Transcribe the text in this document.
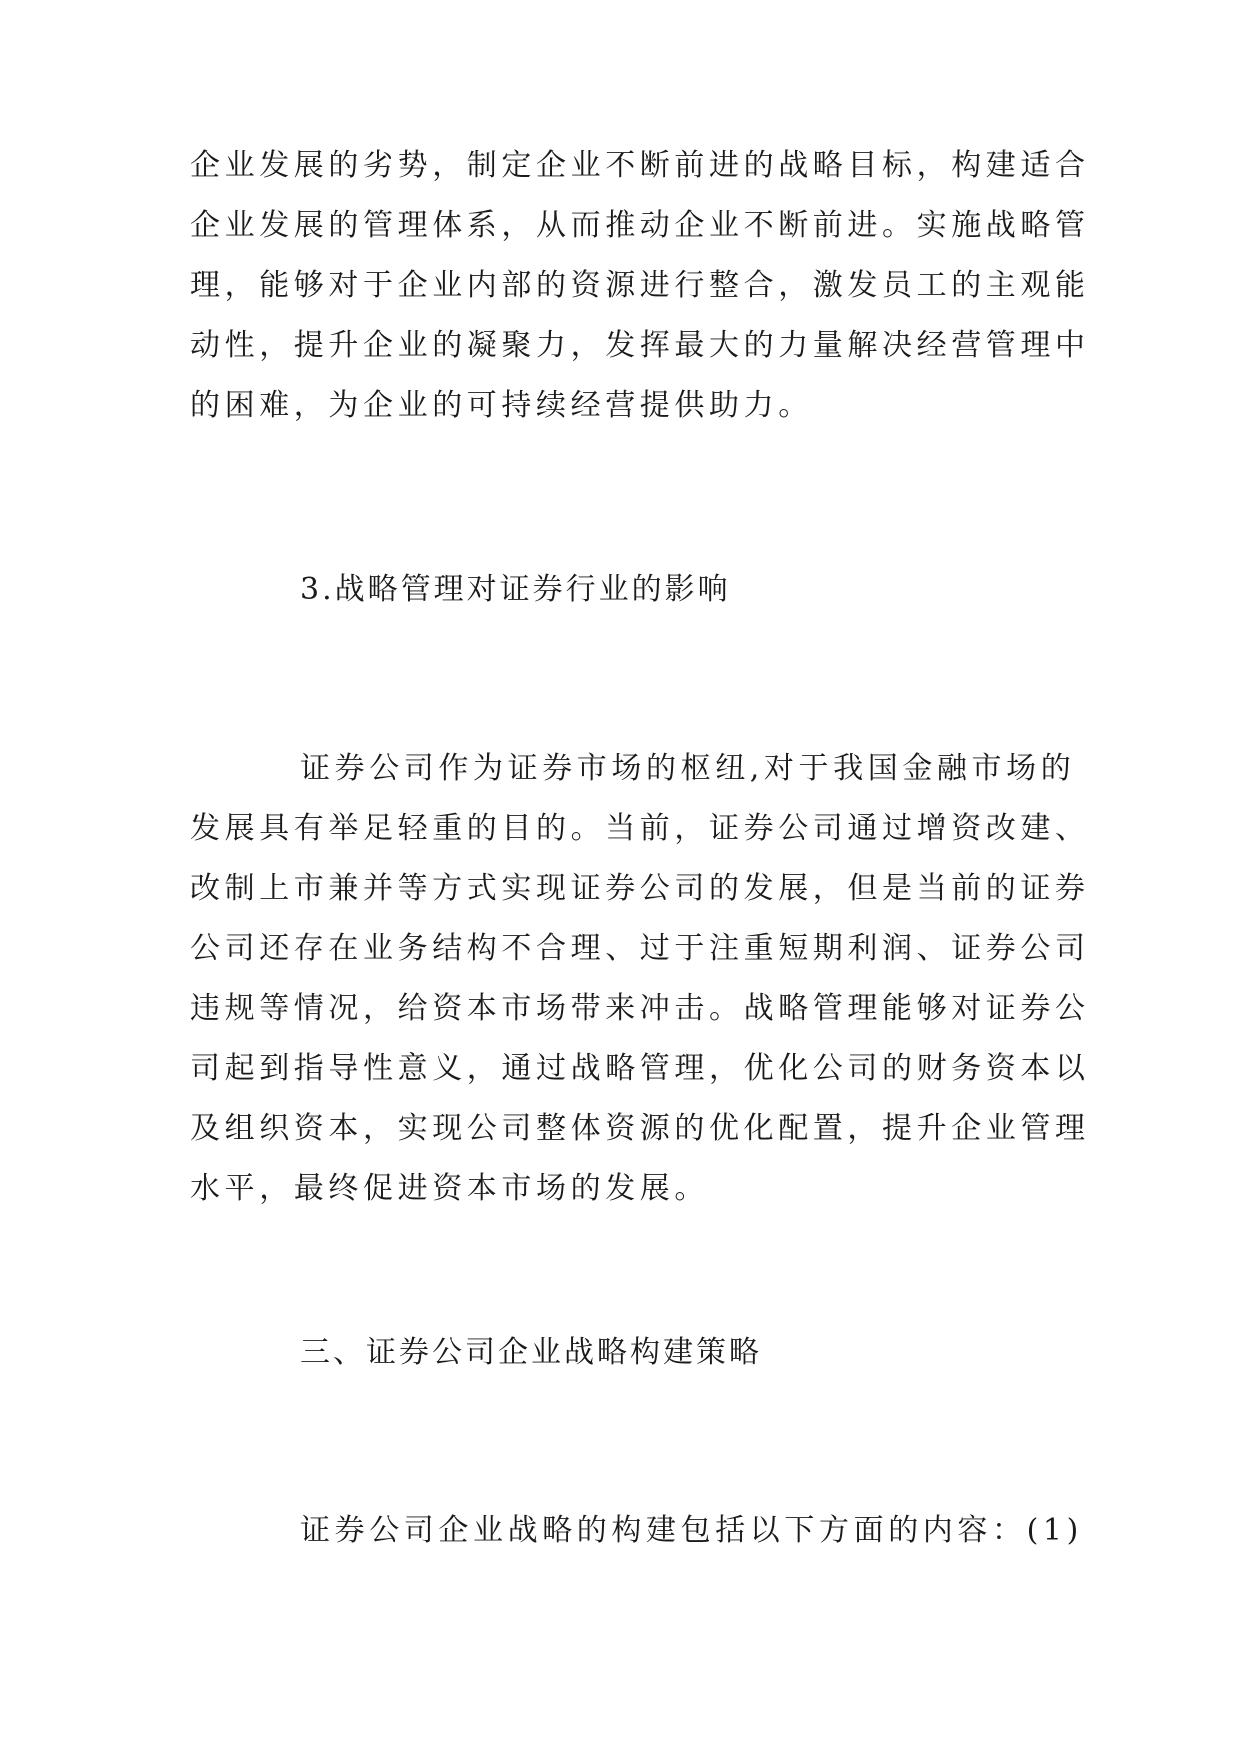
企业发展的劣势，制定企业不断前进的战略目标，构建适合
企业发展的管理体系，从而推动企业不断前进。实施战略管
理，能够对于企业内部的资源进行整合，激发员工的主观能
动性，提升企业的凝聚力，发挥最大的力量解决经营管理中
的困难，为企业的可持续经营提供助力。
3.战略管理对证券行业的影响
证券公司作为证券市场的枢纽,对于我国金融市场的
发展具有举足轻重的目的。当前，证券公司通过增资改建、
改制上市兼并等方式实现证券公司的发展，但是当前的证券
公司还存在业务结构不合理、过于注重短期利润、证券公司
违规等情况，给资本市场带来冲击。战略管理能够对证券公
司起到指导性意义，通过战略管理，优化公司的财务资本以
及组织资本，实现公司整体资源的优化配置，提升企业管理
水平，最终促进资本市场的发展。
三、证券公司企业战略构建策略
证券公司企业战略的构建包括以下方面的内容：(1)
